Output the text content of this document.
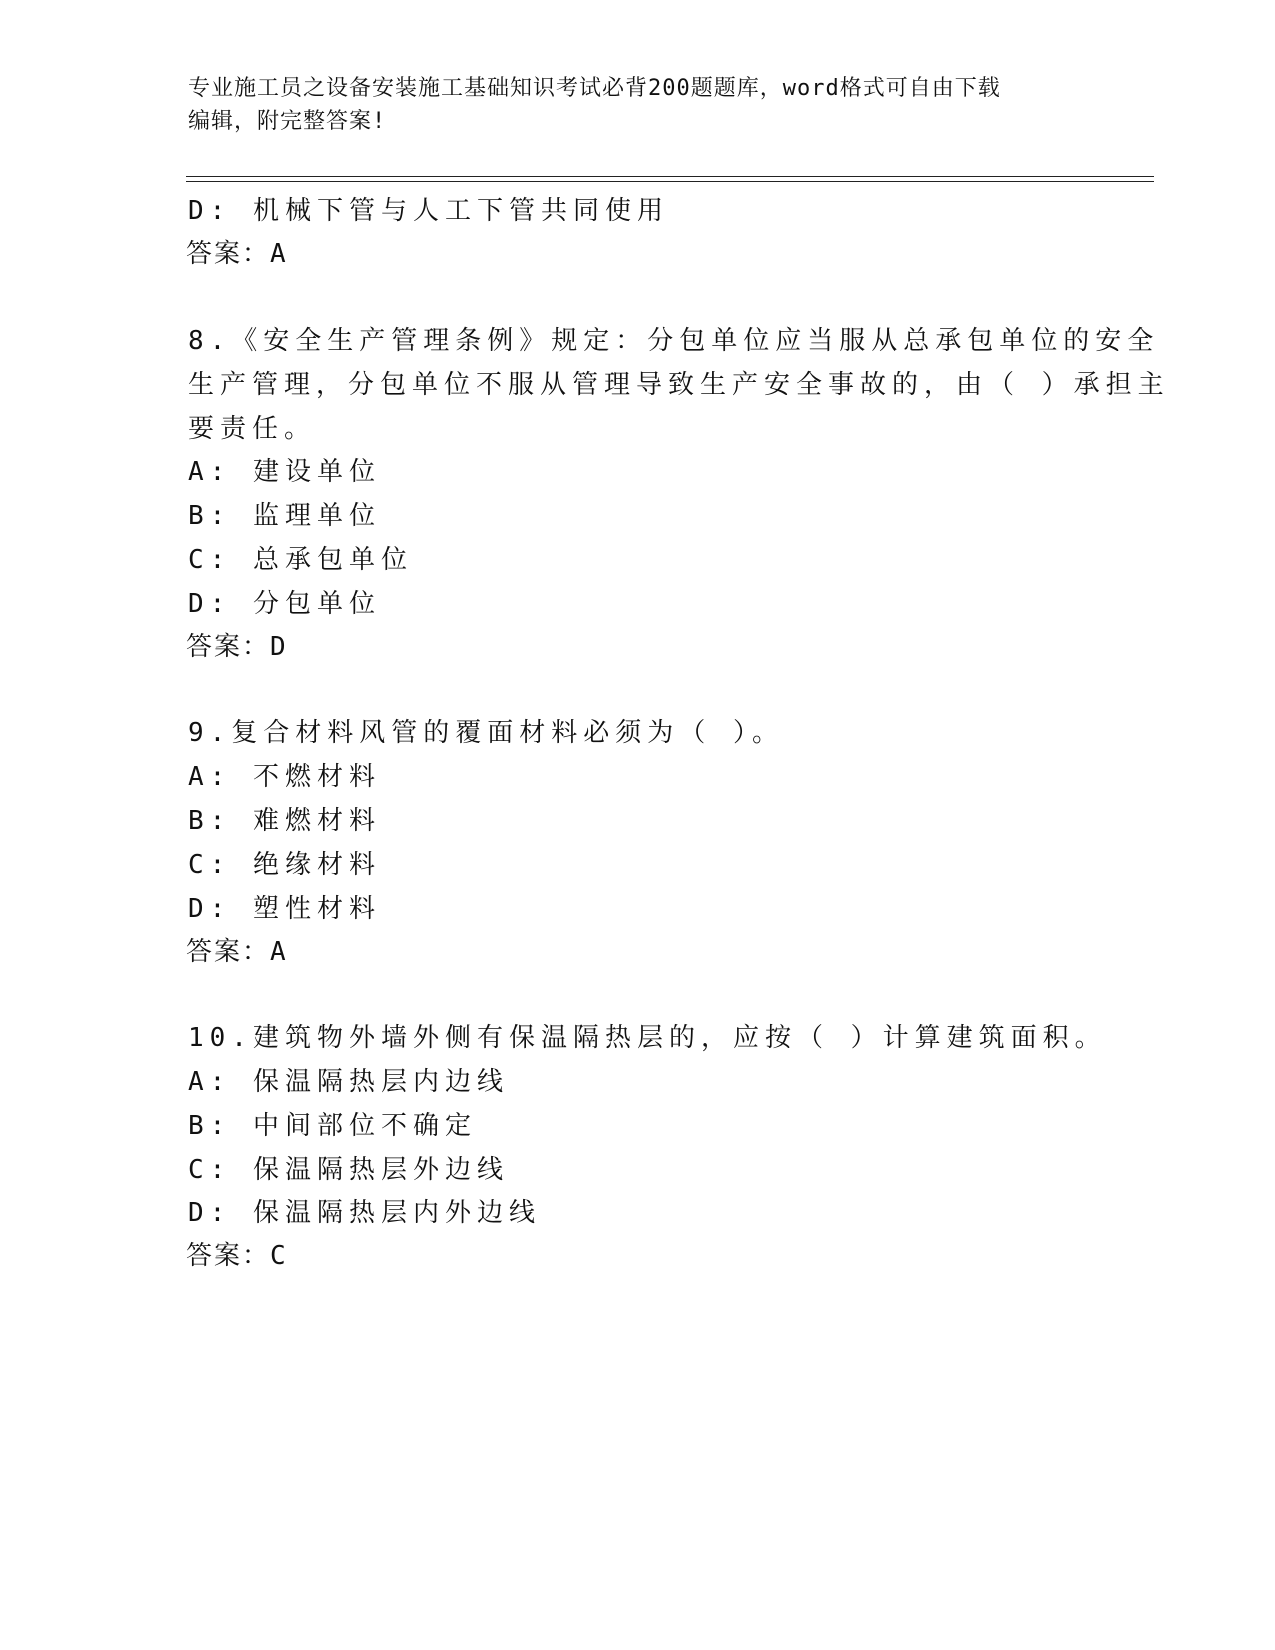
专业施工员之设备安装施工基础知识考试必背200题题库，word格式可自由下载
编辑，附完整答案!
D: 机械下管与人工下管共同使用
答案：A
8.《安全生产管理条例》规定：分包单位应当服从总承包单位的安全
生产管理，分包单位不服从管理导致生产安全事故的，由（ ）承担主
要责任。
A: 建设单位
B: 监理单位
C: 总承包单位
D: 分包单位
答案：D
9.复合材料风管的覆面材料必须为（ ）。
A: 不燃材料
B: 难燃材料
C: 绝缘材料
D: 塑性材料
答案：A
10.建筑物外墙外侧有保温隔热层的，应按（ ）计算建筑面积。
A: 保温隔热层内边线
B: 中间部位不确定
C: 保温隔热层外边线
D: 保温隔热层内外边线
答案：C
